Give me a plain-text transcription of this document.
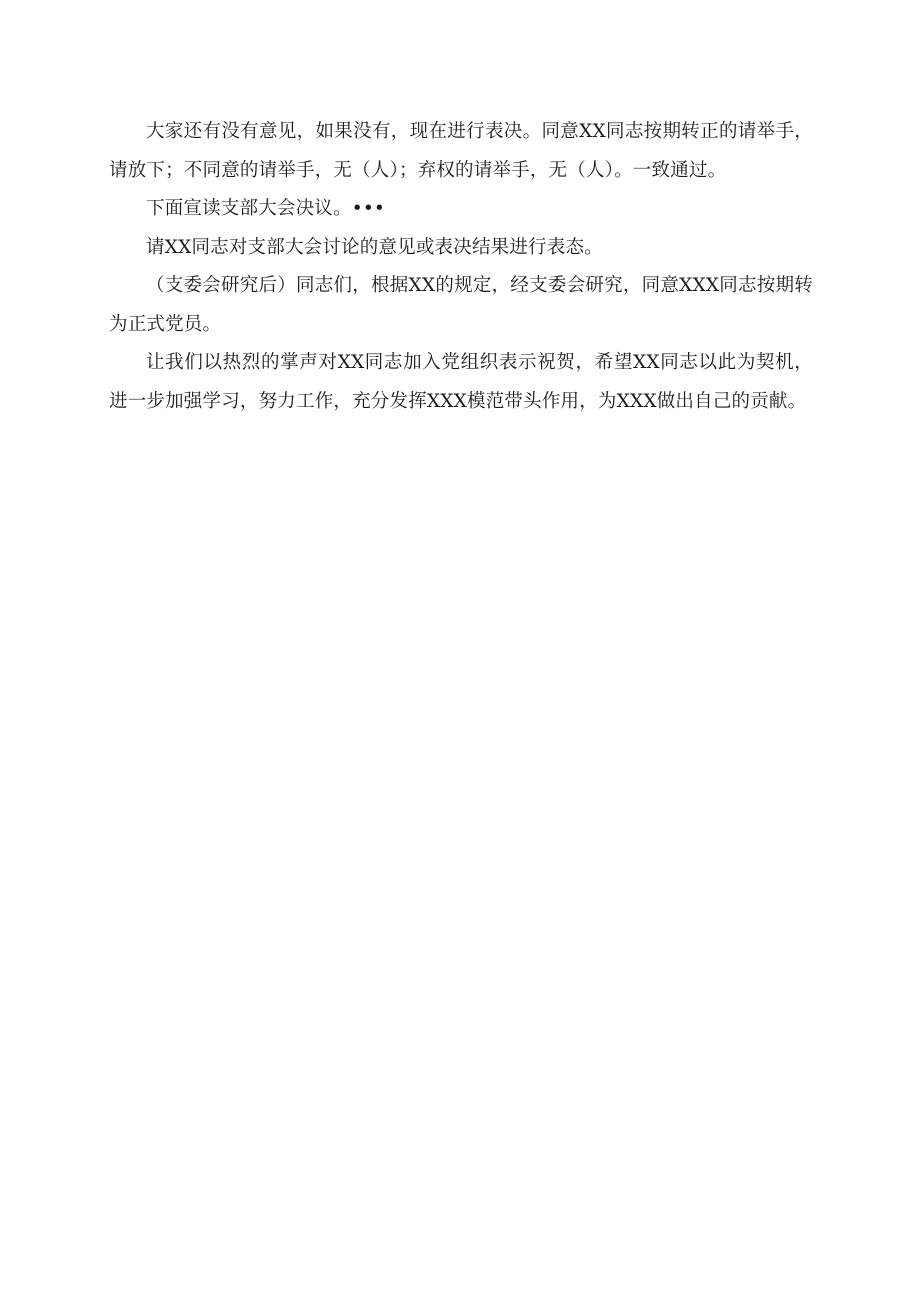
大家还有没有意见，如果没有，现在进行表决。同意XX同志按期转正的请举手，请放下；不同意的请举手，无（人）；弃权的请举手，无（人）。一致通过。

下面宣读支部大会决议。•••

请XX同志对支部大会讨论的意见或表决结果进行表态。

（支委会研究后）同志们，根据XX的规定，经支委会研究，同意XXX同志按期转为正式党员。

让我们以热烈的掌声对XX同志加入党组织表示祝贺，希望XX同志以此为契机，进一步加强学习，努力工作，充分发挥XXX模范带头作用，为XXX做出自己的贡献。
